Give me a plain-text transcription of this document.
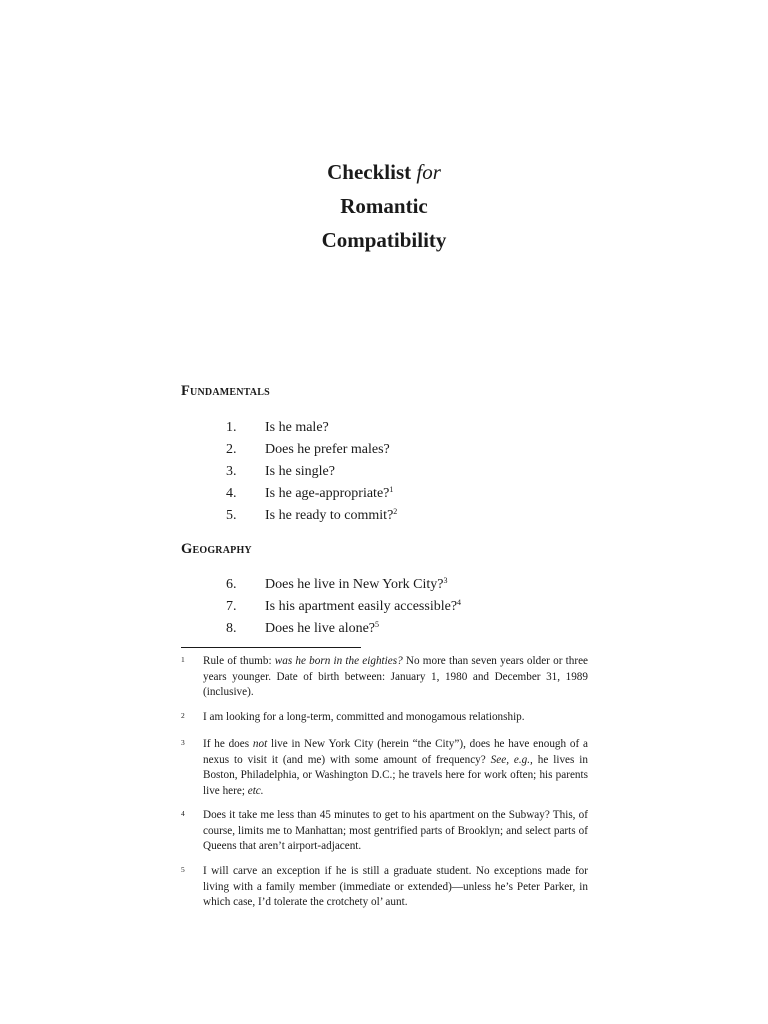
Checklist for
Romantic
Compatibility
Fundamentals
1. Is he male?
2. Does he prefer males?
3. Is he single?
4. Is he age-appropriate?$^1$
5. Is he ready to commit?$^2$
Geography
6. Does he live in New York City?$^3$
7. Is his apartment easily accessible?$^4$
8. Does he live alone?$^5$
1 Rule of thumb: was he born in the eighties? No more than seven years older or three years younger. Date of birth between: January 1, 1980 and December 31, 1989 (inclusive).
2 I am looking for a long-term, committed and monogamous relationship.
3 If he does not live in New York City (herein “the City”), does he have enough of a nexus to visit it (and me) with some amount of frequency? See, e.g., he lives in Boston, Philadelphia, or Washington D.C.; he travels here for work often; his parents live here; etc.
4 Does it take me less than 45 minutes to get to his apartment on the Subway? This, of course, limits me to Manhattan; most gentrified parts of Brooklyn; and select parts of Queens that aren’t airport-adjacent.
5 I will carve an exception if he is still a graduate student. No exceptions made for living with a family member (immediate or extended)—unless he’s Peter Parker, in which case, I’d tolerate the crotchety ol’ aunt.
